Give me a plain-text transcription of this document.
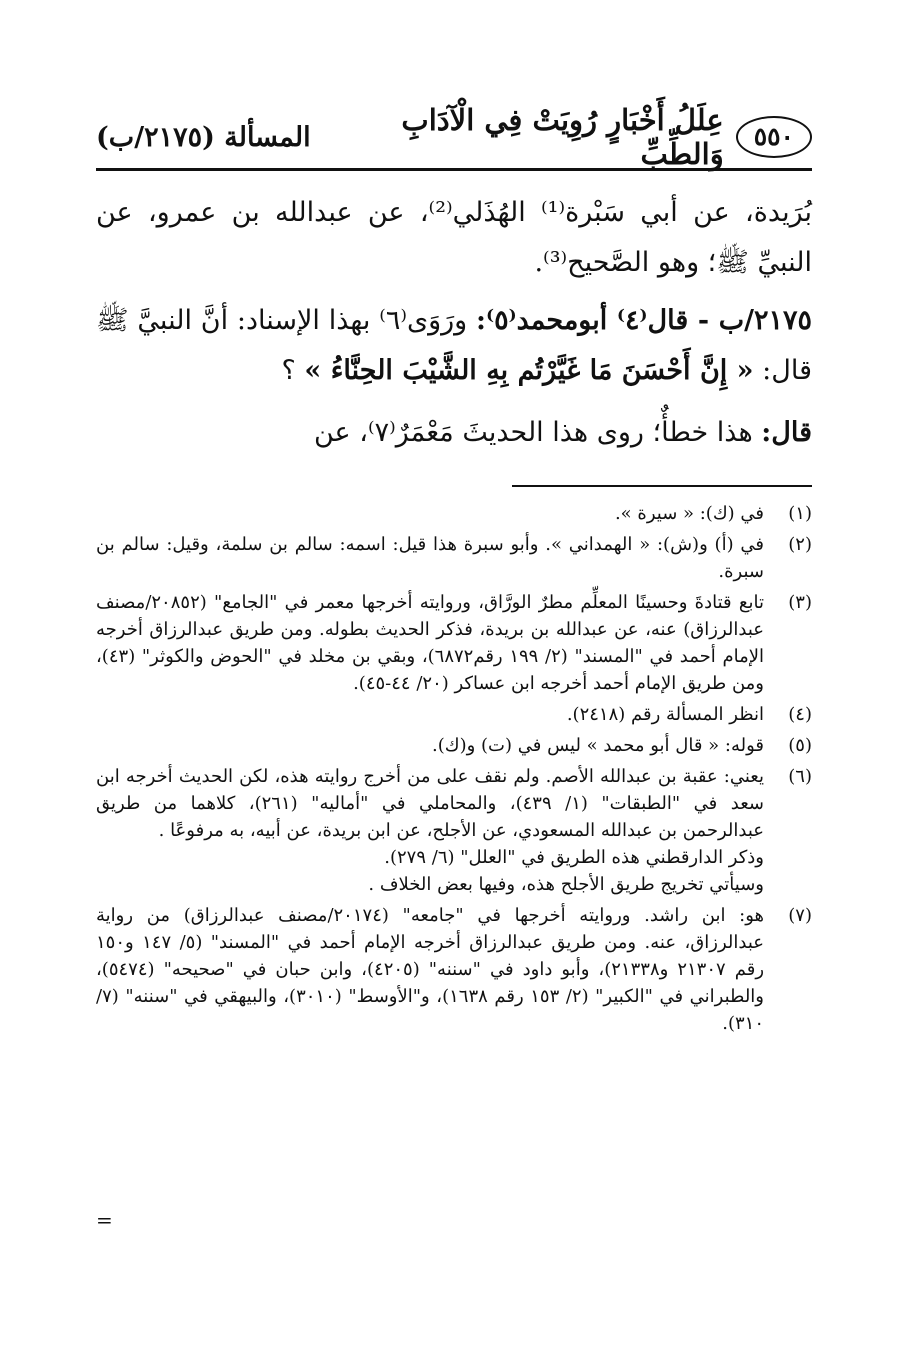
٥٥٠
عِلَلُ أَخْبَارٍ رُوِيَتْ فِي الْآدَابِ وَالطِّبِّ
المسألة (٢١٧٥/ب)

بُرَيدة، عن أبي سَبْرة⁽¹⁾ الهُذَلي⁽²⁾، عن عبدالله بن عمرو، عن النبيِّ ﷺ؛ وهو الصَّحيح⁽³⁾.

٢١٧٥/ب - قال⁽٤⁾ أبومحمد⁽٥⁾: ورَوَى⁽٦⁾ بهذا الإسناد: أنَّ النبيَّ ﷺ قال: « إِنَّ أَحْسَنَ مَا غَيَّرْتُم بِهِ الشَّيْبَ الحِنَّاءُ » ؟

قال: هذا خطأٌ؛ روى هذا الحديثَ مَعْمَرٌ⁽٧⁾، عن

(١)
في (ك): « سيرة ».
(٢)
في (أ) و(ش): « الهمداني ». وأبو سبرة هذا قيل: اسمه: سالم بن سلمة، وقيل: سالم بن سبرة.
(٣)
تابع قتادةَ وحسينًا المعلِّم مطرٌ الورَّاق، وروايته أخرجها معمر في "الجامع" (٢٠٨٥٢/مصنف عبدالرزاق) عنه، عن عبدالله بن بريدة، فذكر الحديث بطوله. ومن طريق عبدالرزاق أخرجه الإمام أحمد في "المسند" (٢/ ١٩٩ رقم٦٨٧٢)، وبقي بن مخلد في "الحوض والكوثر" (٤٣)، ومن طريق الإمام أحمد أخرجه ابن عساكر (٢٠/ ٤٤-٤٥).
(٤)
انظر المسألة رقم (٢٤١٨).
(٥)
قوله: « قال أبو محمد » ليس في (ت) و(ك).
(٦)
يعني: عقبة بن عبدالله الأصم. ولم نقف على من أخرج روايته هذه، لكن الحديث أخرجه ابن سعد في "الطبقات" (١/ ٤٣٩)، والمحاملي في "أماليه" (٢٦١)، كلاهما من طريق عبدالرحمن بن عبدالله المسعودي، عن الأجلح، عن ابن بريدة، عن أبيه، به مرفوعًا .
وذكر الدارقطني هذه الطريق في "العلل" (٦/ ٢٧٩).
وسيأتي تخريج طريق الأجلح هذه، وفيها بعض الخلاف .
(٧)
هو: ابن راشد. وروايته أخرجها في "جامعه" (٢٠١٧٤/مصنف عبدالرزاق) من رواية عبدالرزاق، عنه. ومن طريق عبدالرزاق أخرجه الإمام أحمد في "المسند" (٥/ ١٤٧ و١٥٠ رقم ٢١٣٠٧ و٢١٣٣٨)، وأبو داود في "سننه" (٤٢٠٥)، وابن حبان في "صحيحه" (٥٤٧٤)، والطبراني في "الكبير" (٢/ ١٥٣ رقم ١٦٣٨)، و"الأوسط" (٣٠١٠)، والبيهقي في "سننه" (٧/ ٣١٠).
=
